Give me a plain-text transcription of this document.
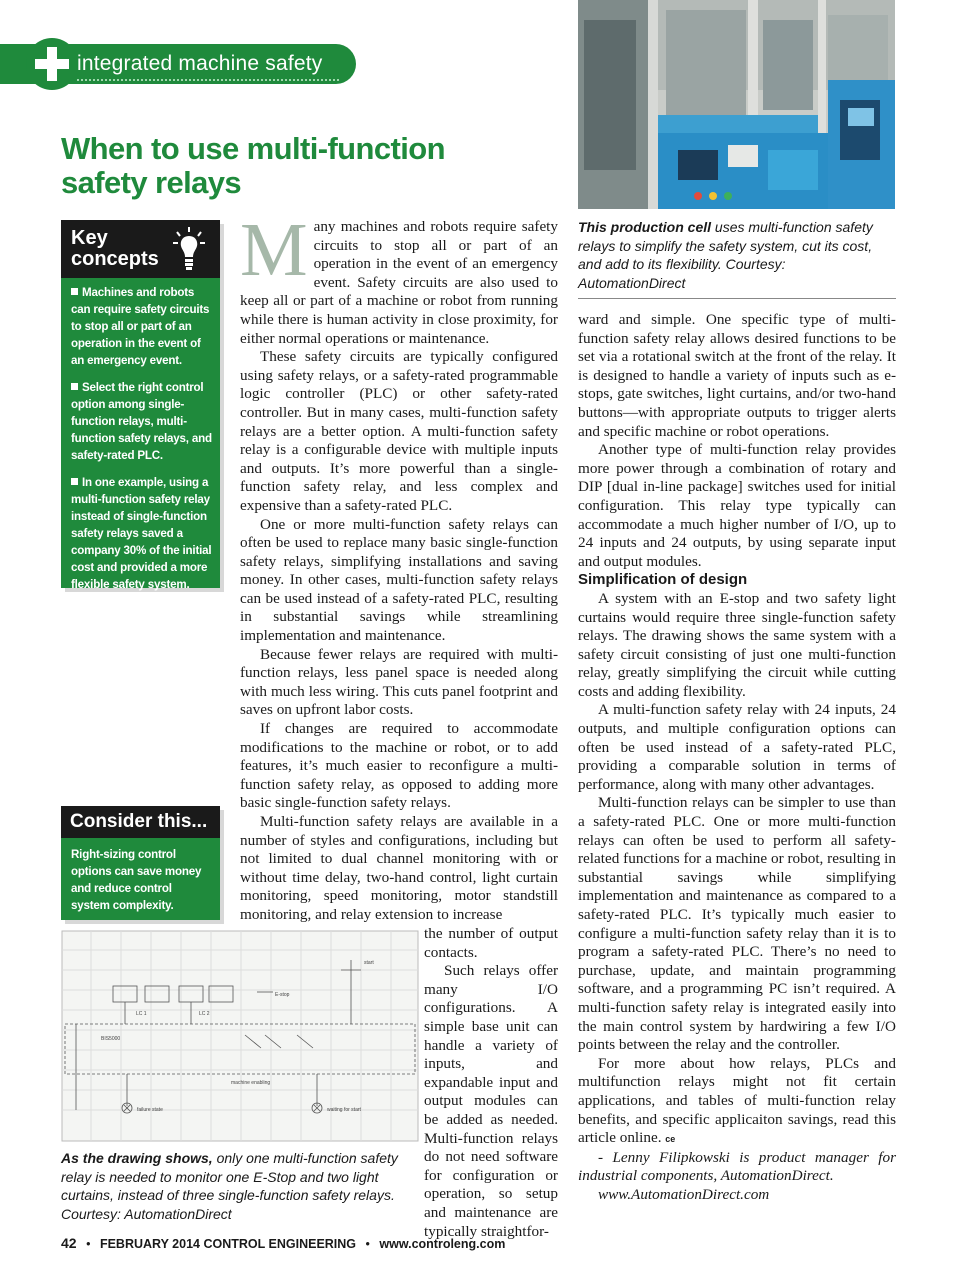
integrated machine safety
When to use multi-function safety relays
Key concepts
Machines and robots can require safety circuits to stop all or part of an operation in the event of an emergency event.
Select the right control option among single-function relays, multi-function safety relays, and safety-rated PLC.
In one example, using a multi-function safety relay instead of single-function safety relays saved a company 30% of the initial cost and provided a more flexible safety system.
Consider this...
Right-sizing control options can save money and reduce control system complexity.

Many machines and robots require safety circuits to stop all or part of an operation in the event of an emergency event. Safety circuits are also used to keep all or part of a machine or robot from running while there is human activity in close proximity, for either normal operations or maintenance.

These safety circuits are typically configured using safety relays, or a safety-rated programmable logic controller (PLC) or other safety-rated controller. But in many cases, multi-function safety relays are a better option. A multi-function safety relay is a configurable device with multiple inputs and outputs. It’s more powerful than a single-function safety relay, and less complex and expensive than a safety-rated PLC.

One or more multi-function safety relays can often be used to replace many basic single-function safety relays, simplifying installations and saving money. In other cases, multi-function safety relays can be used instead of a safety-rated PLC, resulting in substantial savings while streamlining implementation and maintenance.

Because fewer relays are required with multi-function relays, less panel space is needed along with much less wiring. This cuts panel footprint and saves on upfront labor costs.

If changes are required to accommodate modifications to the machine or robot, or to add features, it’s much easier to reconfigure a multi-function safety relay, as opposed to adding more basic single-function safety relays.

Multi-function safety relays are available in a number of styles and configurations, including but not limited to dual channel monitoring with or without time delay, two-hand control, light curtain monitoring, speed monitoring, motor standstill monitoring, and relay extension to increase

the number of output contacts.

Such relays offer many I/O configurations. A simple base unit can handle a variety of inputs, and expandable input and output modules can be added as needed. Multi-function relays do not need software for configuration or operation, so setup and maintenance are typically straightfor-

This production cell uses multi-function safety relays to simplify the safety system, cut its cost, and add to its flexibility. Courtesy: AutomationDirect

ward and simple. One specific type of multi-function safety relay allows desired functions to be set via a rotational switch at the front of the relay. It is designed to handle a variety of inputs such as e-stops, gate switches, light curtains, and/or two-hand buttons—with appropriate outputs to trigger alerts and specific machine or robot operations.

Another type of multi-function relay provides more power through a combination of rotary and DIP [dual in-line package] switches used for initial configuration. This relay type typically can accommodate a much higher number of I/O, up to 24 inputs and 24 outputs, by using separate input and output modules.

Simplification of design

A system with an E-stop and two safety light curtains would require three single-function safety relays. The drawing shows the same system with a safety circuit consisting of just one multi-function relay, greatly simplifying the circuit while cutting costs and adding flexibility.

A multi-function safety relay with 24 inputs, 24 outputs, and multiple configuration options can often be used instead of a safety-rated PLC, providing a comparable solution in terms of performance, along with many other advantages.

Multi-function relays can be simpler to use than a safety-rated PLC. One or more multi-function relays can often be used to perform all safety-related functions for a machine or robot, resulting in substantial savings while simplifying implementation and maintenance as compared to a safety-rated PLC. It’s typically much easier to configure a multi-function safety relay than it is to program a safety-rated PLC. There’s no need to purchase, update, and maintain programming software, and a programming PC isn’t required. A multi-function safety relay is integrated easily into the main control system by hardwiring a few I/O points between the relay and the controller.

For more about how relays, PLCs and multifunction relays might not fit certain applications, and tables of multi-function relay benefits, and specific applicaiton savings, read this article online. ce

- Lenny Filipkowski is product manager for industrial components, AutomationDirect.

www.AutomationDirect.com

LC 1	LC 2
E-stop
start
BIS5000
machine enabling
failure state	waiting for start
As the drawing shows, only one multi-function safety relay is needed to monitor one E-Stop and two light curtains, instead of three single-function safety relays. Courtesy: AutomationDirect
42 • FEBRUARY 2014 CONTROL ENGINEERING • www.controleng.com
